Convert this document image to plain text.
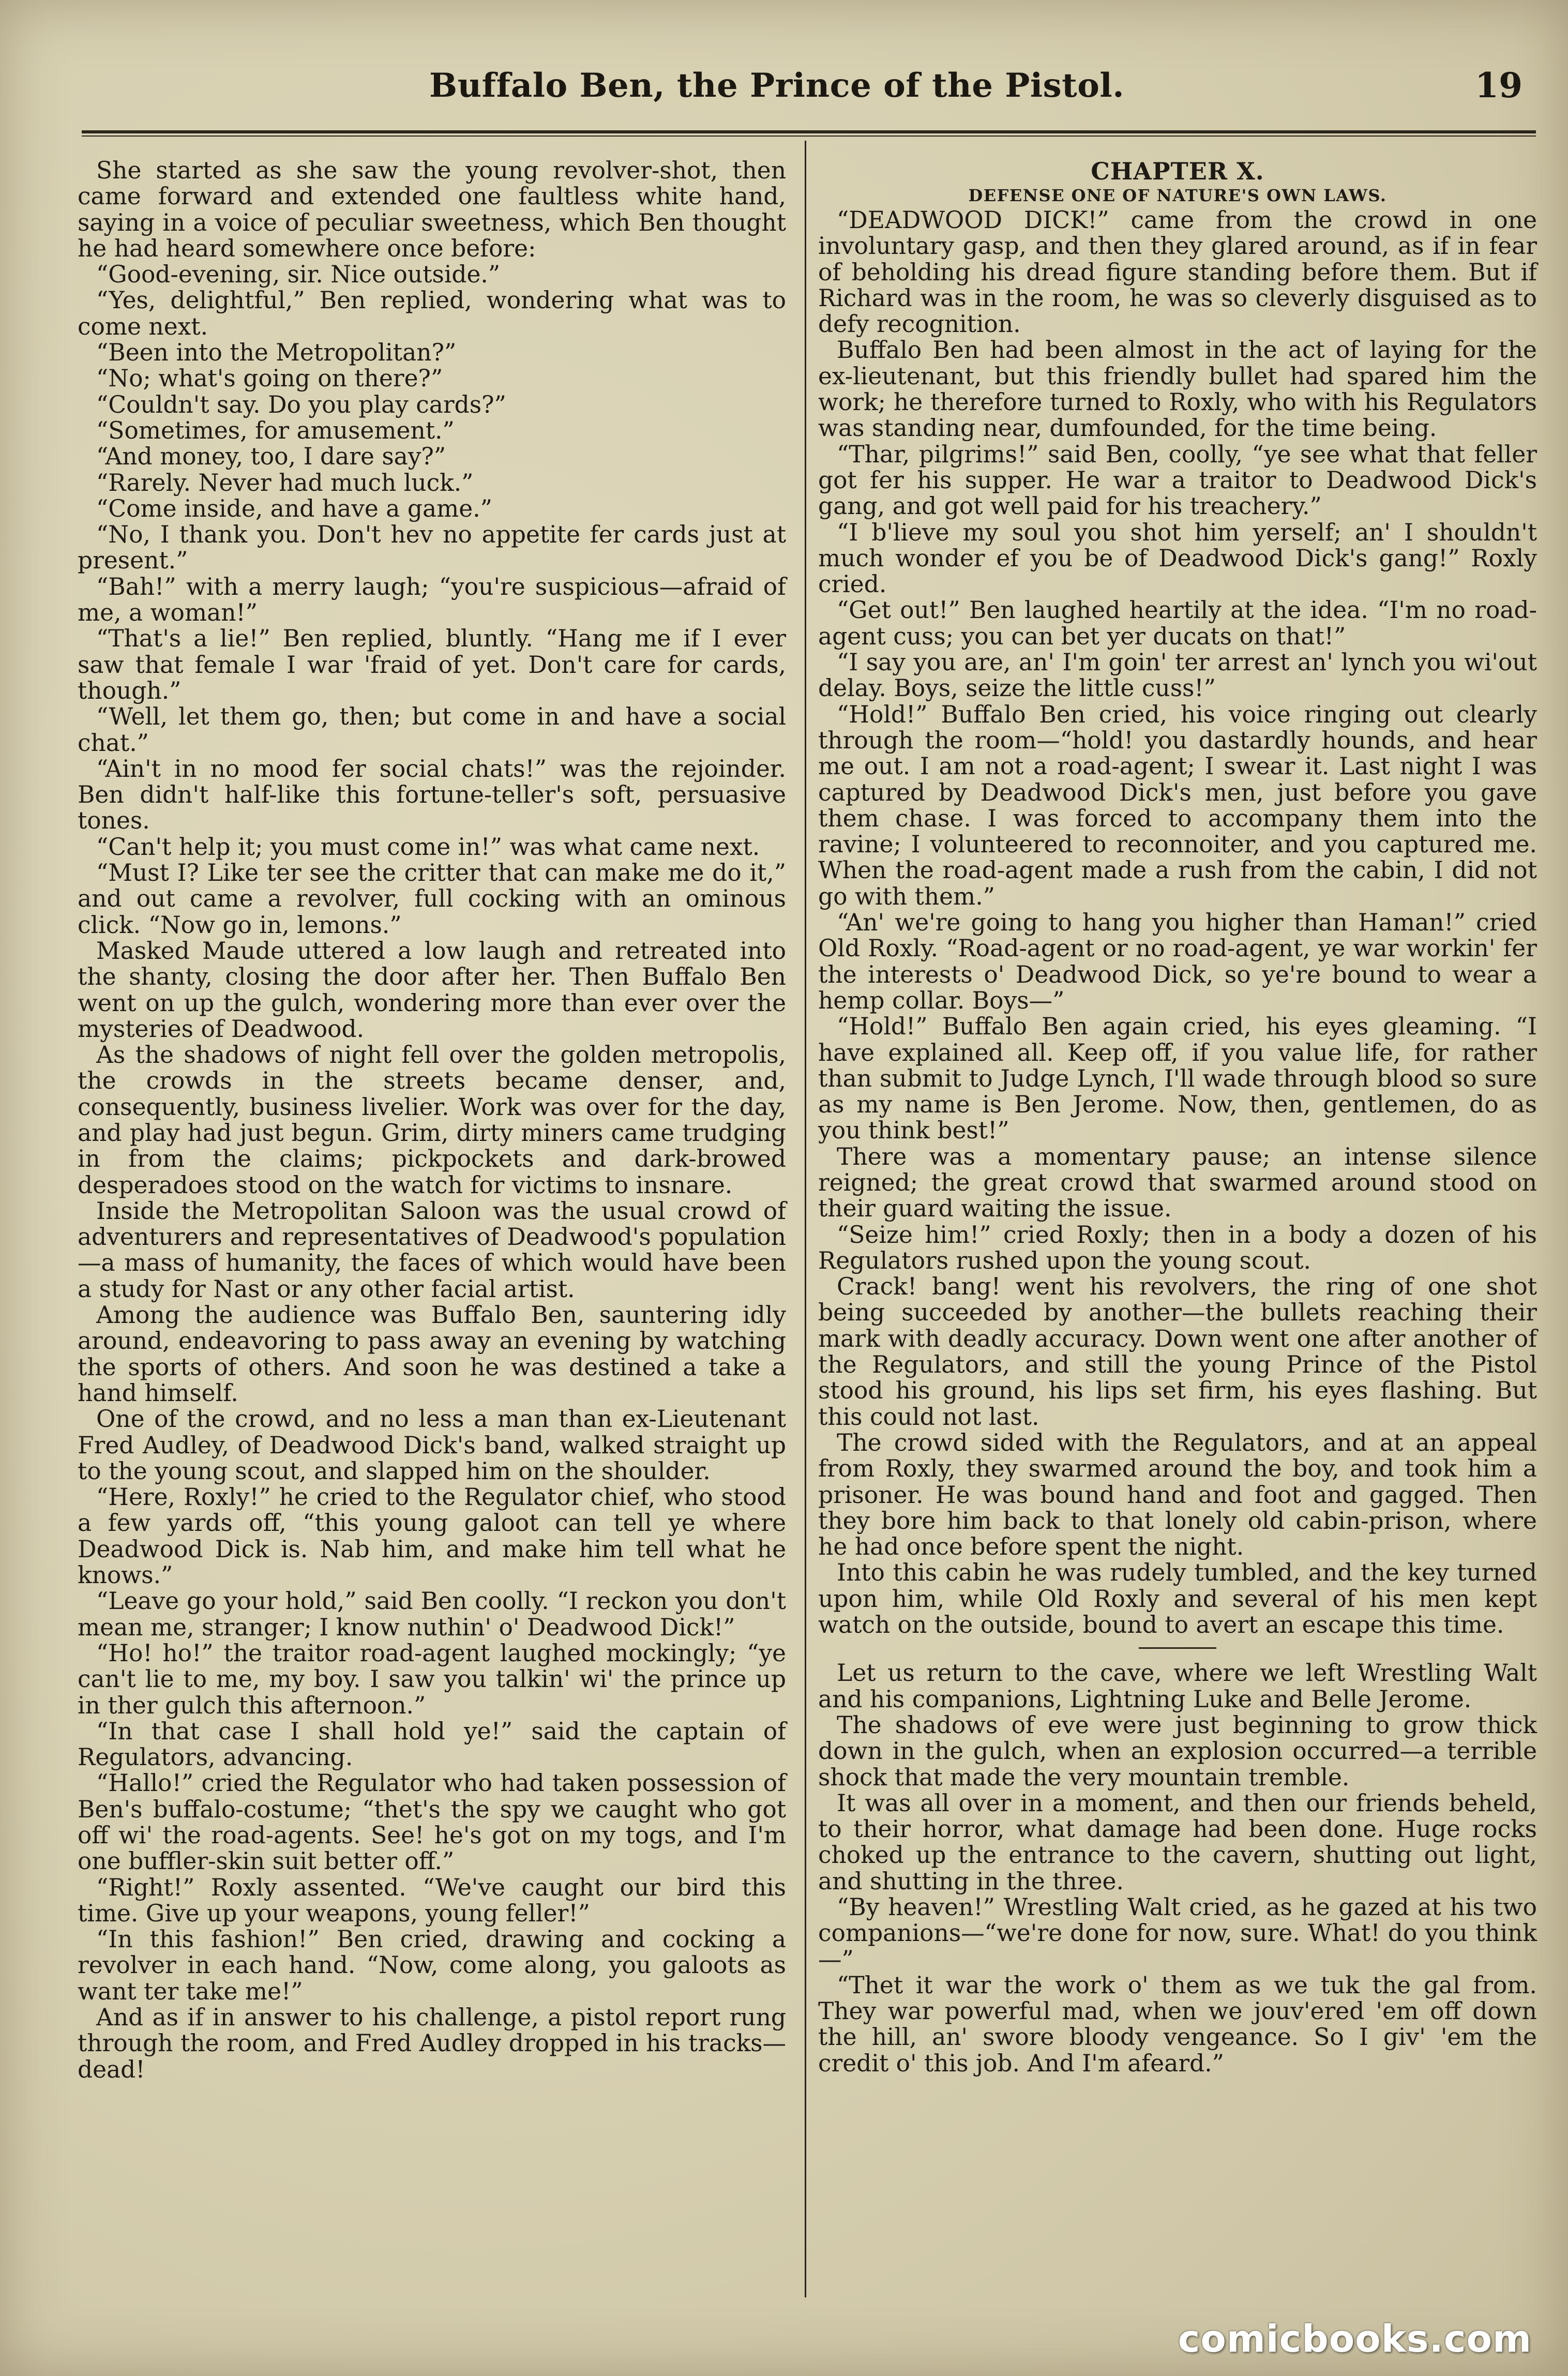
Buffalo Ben, the Prince of the Pistol.	19

She started as she saw the young revolver-shot, then came forward and extended one faultless white hand, saying in a voice of peculiar sweetness, which Ben thought he had heard somewhere once before:

“Good-evening, sir. Nice outside.”

“Yes, delightful,” Ben replied, wondering what was to come next.

“Been into the Metropolitan?”

“No; what's going on there?”

“Couldn't say. Do you play cards?”

“Sometimes, for amusement.”

“And money, too, I dare say?”

“Rarely. Never had much luck.”

“Come inside, and have a game.”

“No, I thank you. Don't hev no appetite fer cards just at present.”

“Bah!” with a merry laugh; “you're suspicious—afraid of me, a woman!”

“That's a lie!” Ben replied, bluntly. “Hang me if I ever saw that female I war 'fraid of yet. Don't care for cards, though.”

“Well, let them go, then; but come in and have a social chat.”

“Ain't in no mood fer social chats!” was the rejoinder. Ben didn't half-like this fortune-teller's soft, persuasive tones.

“Can't help it; you must come in!” was what came next.

“Must I? Like ter see the critter that can make me do it,” and out came a revolver, full cocking with an ominous click. “Now go in, lemons.”

Masked Maude uttered a low laugh and retreated into the shanty, closing the door after her. Then Buffalo Ben went on up the gulch, wondering more than ever over the mysteries of Deadwood.

As the shadows of night fell over the golden metropolis, the crowds in the streets became denser, and, consequently, business livelier. Work was over for the day, and play had just begun. Grim, dirty miners came trudging in from the claims; pickpockets and dark-browed desperadoes stood on the watch for victims to insnare.

Inside the Metropolitan Saloon was the usual crowd of adventurers and representatives of Deadwood's population—a mass of humanity, the faces of which would have been a study for Nast or any other facial artist.

Among the audience was Buffalo Ben, sauntering idly around, endeavoring to pass away an evening by watching the sports of others. And soon he was destined a take a hand himself.

One of the crowd, and no less a man than ex-Lieutenant Fred Audley, of Deadwood Dick's band, walked straight up to the young scout, and slapped him on the shoulder.

“Here, Roxly!” he cried to the Regulator chief, who stood a few yards off, “this young galoot can tell ye where Deadwood Dick is. Nab him, and make him tell what he knows.”

“Leave go your hold,” said Ben coolly. “I reckon you don't mean me, stranger; I know nuthin' o' Deadwood Dick!”

“Ho! ho!” the traitor road-agent laughed mockingly; “ye can't lie to me, my boy. I saw you talkin' wi' the prince up in ther gulch this afternoon.”

“In that case I shall hold ye!” said the captain of Regulators, advancing.

“Hallo!” cried the Regulator who had taken possession of Ben's buffalo-costume; “thet's the spy we caught who got off wi' the road-agents. See! he's got on my togs, and I'm one buffler-skin suit better off.”

“Right!” Roxly assented. “We've caught our bird this time. Give up your weapons, young feller!”

“In this fashion!” Ben cried, drawing and cocking a revolver in each hand. “Now, come along, you galoots as want ter take me!”

And as if in answer to his challenge, a pistol report rung through the room, and Fred Audley dropped in his tracks—dead!

CHAPTER X.
DEFENSE ONE OF NATURE'S OWN LAWS.

“DEADWOOD DICK!” came from the crowd in one involuntary gasp, and then they glared around, as if in fear of beholding his dread figure standing before them. But if Richard was in the room, he was so cleverly disguised as to defy recognition.

Buffalo Ben had been almost in the act of laying for the ex-lieutenant, but this friendly bullet had spared him the work; he therefore turned to Roxly, who with his Regulators was standing near, dumfounded, for the time being.

“Thar, pilgrims!” said Ben, coolly, “ye see what that feller got fer his supper. He war a traitor to Deadwood Dick's gang, and got well paid for his treachery.”

“I b'lieve my soul you shot him yerself; an' I shouldn't much wonder ef you be of Deadwood Dick's gang!” Roxly cried.

“Get out!” Ben laughed heartily at the idea. “I'm no road-agent cuss; you can bet yer ducats on that!”

“I say you are, an' I'm goin' ter arrest an' lynch you wi'out delay. Boys, seize the little cuss!”

“Hold!” Buffalo Ben cried, his voice ringing out clearly through the room—“hold! you dastardly hounds, and hear me out. I am not a road-agent; I swear it. Last night I was captured by Deadwood Dick's men, just before you gave them chase. I was forced to accompany them into the ravine; I volunteered to reconnoiter, and you captured me. When the road-agent made a rush from the cabin, I did not go with them.”

“An' we're going to hang you higher than Haman!” cried Old Roxly. “Road-agent or no road-agent, ye war workin' fer the interests o' Deadwood Dick, so ye're bound to wear a hemp collar. Boys—”

“Hold!” Buffalo Ben again cried, his eyes gleaming. “I have explained all. Keep off, if you value life, for rather than submit to Judge Lynch, I'll wade through blood so sure as my name is Ben Jerome. Now, then, gentlemen, do as you think best!”

There was a momentary pause; an intense silence reigned; the great crowd that swarmed around stood on their guard waiting the issue.

“Seize him!” cried Roxly; then in a body a dozen of his Regulators rushed upon the young scout.

Crack! bang! went his revolvers, the ring of one shot being succeeded by another—the bullets reaching their mark with deadly accuracy. Down went one after another of the Regulators, and still the young Prince of the Pistol stood his ground, his lips set firm, his eyes flashing. But this could not last.

The crowd sided with the Regulators, and at an appeal from Roxly, they swarmed around the boy, and took him a prisoner. He was bound hand and foot and gagged. Then they bore him back to that lonely old cabin-prison, where he had once before spent the night.

Into this cabin he was rudely tumbled, and the key turned upon him, while Old Roxly and several of his men kept watch on the outside, bound to avert an escape this time.

Let us return to the cave, where we left Wrestling Walt and his companions, Lightning Luke and Belle Jerome.

The shadows of eve were just beginning to grow thick down in the gulch, when an explosion occurred—a terrible shock that made the very mountain tremble.

It was all over in a moment, and then our friends beheld, to their horror, what damage had been done. Huge rocks choked up the entrance to the cavern, shutting out light, and shutting in the three.

“By heaven!” Wrestling Walt cried, as he gazed at his two companions—“we're done for now, sure. What! do you think—”

“Thet it war the work o' them as we tuk the gal from. They war powerful mad, when we jouv'ered 'em off down the hill, an' swore bloody vengeance. So I giv' 'em the credit o' this job. And I'm afeard.”

comicbooks.com
